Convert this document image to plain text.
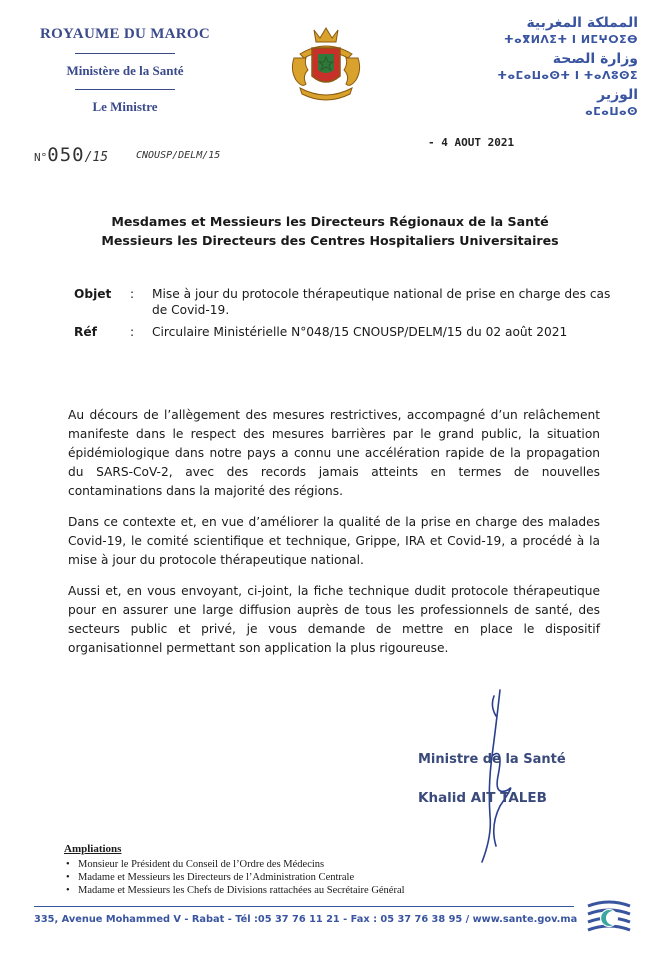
ROYAUME DU MAROC
Ministère de la Santé
Le Ministre
المملكة المغربية
ⵜⴰⴳⵍⴷⵉⵜ ⵏ ⵍⵎⵖⵔⵉⴱ
وزارة الصحة
ⵜⴰⵎⴰⵡⴰⵙⵜ ⵏ ⵜⴰⴷⵓⵙⵉ
الوزير
ⴰⵎⴰⵡⴰⵙ
N°050/15	CNOUSP/DELM/15
- 4 AOUT 2021
Mesdames et Messieurs les Directeurs Régionaux de la Santé
Messieurs les Directeurs des Centres Hospitaliers Universitaires
Objet	:	Mise à jour du protocole thérapeutique national de prise en charge des cas de Covid-19.
Réf	:	Circulaire Ministérielle N°048/15 CNOUSP/DELM/15 du 02 août 2021

Au décours de l’allègement des mesures restrictives, accompagné d’un relâchement manifeste dans le respect des mesures barrières par le grand public, la situation épidémiologique dans notre pays a connu une accélération rapide de la propagation du SARS-CoV-2, avec des records jamais atteints en termes de nouvelles contaminations dans la majorité des régions.

Dans ce contexte et, en vue d’améliorer la qualité de la prise en charge des malades Covid-19, le comité scientifique et technique, Grippe, IRA et Covid-19, a procédé à la mise à jour du protocole thérapeutique national.

Aussi et, en vous envoyant, ci-joint, la fiche technique dudit protocole thérapeutique pour en assurer une large diffusion auprès de tous les professionnels de santé, des secteurs public et privé, je vous demande de mettre en place le dispositif organisationnel permettant son application la plus rigoureuse.

Ministre de la Santé
Khalid AIT TALEB
Ampliations
• Monsieur le Président du Conseil de l’Ordre des Médecins
• Madame et Messieurs les Directeurs de l’Administration Centrale
• Madame et Messieurs les Chefs de Divisions rattachées au Secrétaire Général
335, Avenue Mohammed V - Rabat - Tél :05 37 76 11 21 - Fax : 05 37 76 38 95 / www.sante.gov.ma
